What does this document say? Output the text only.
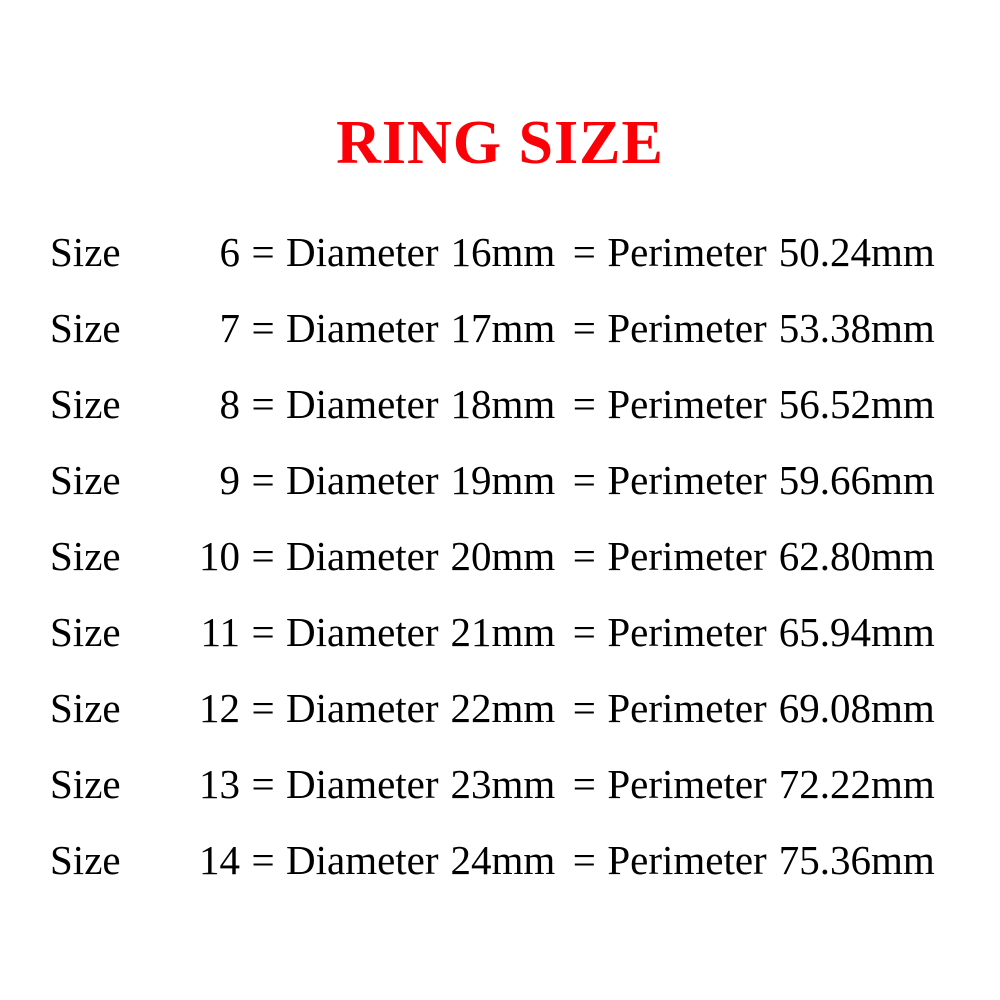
RING SIZE
Size	6 = Diameter 16mm = Perimeter 50.24mm
Size	7 = Diameter 17mm = Perimeter 53.38mm
Size	8 = Diameter 18mm = Perimeter 56.52mm
Size	9 = Diameter 19mm = Perimeter 59.66mm
Size	10 = Diameter 20mm = Perimeter 62.80mm
Size	11 = Diameter 21mm = Perimeter 65.94mm
Size	12 = Diameter 22mm = Perimeter 69.08mm
Size	13 = Diameter 23mm = Perimeter 72.22mm
Size	14 = Diameter 24mm = Perimeter 75.36mm
